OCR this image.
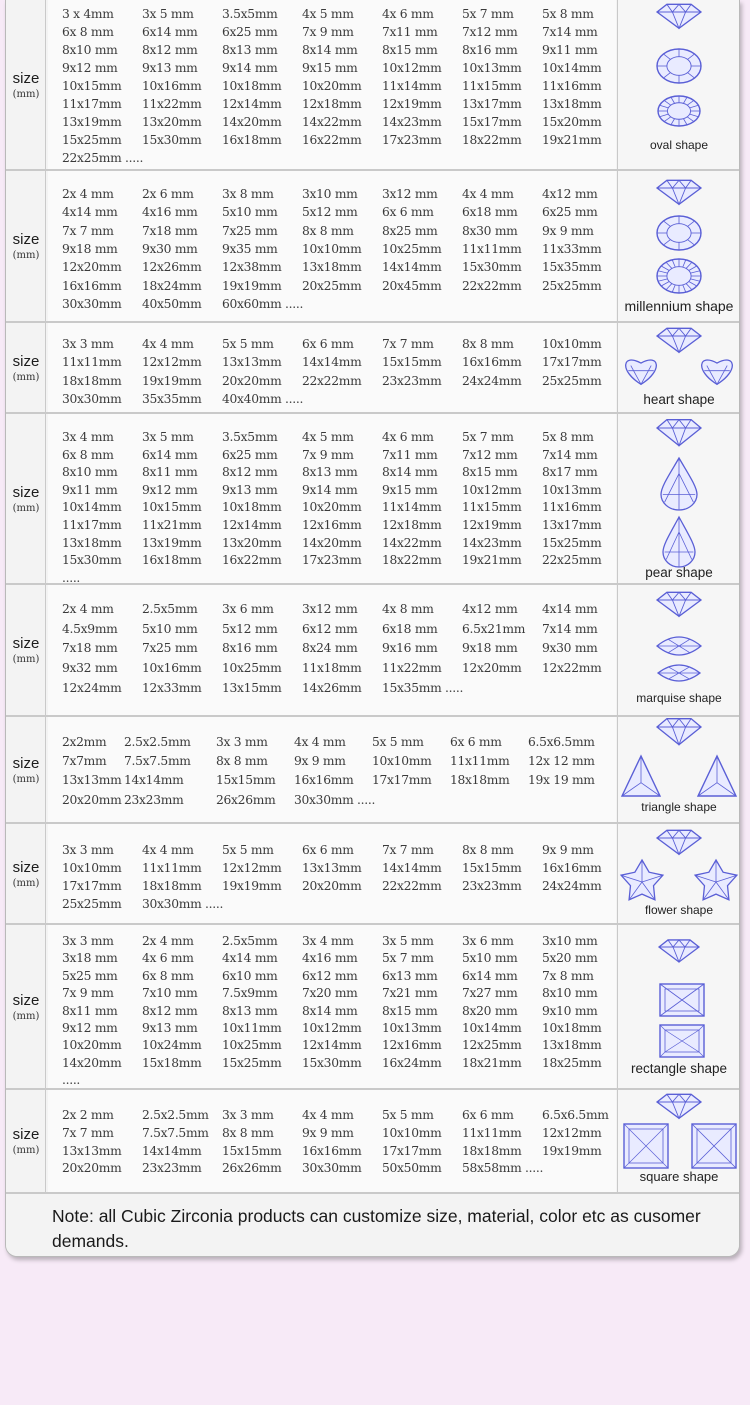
size
(mm)
3 x 4mm 3x 5 mm 3.5x5mm 4x 5 mm 4x 6 mm 5x 7 mm 5x 8 mm
6x 8 mm 6x14 mm 6x25 mm 7x 9 mm 7x11 mm 7x12 mm 7x14 mm
8x10 mm 8x12 mm 8x13 mm 8x14 mm 8x15 mm 8x16 mm 9x11 mm
9x12 mm 9x13 mm 9x14 mm 9x15 mm 10x12mm 10x13mm 10x14mm
10x15mm 10x16mm 10x18mm 10x20mm 11x14mm 11x15mm 11x16mm
11x17mm 11x22mm 12x14mm 12x18mm 12x19mm 13x17mm 13x18mm
13x19mm 13x20mm 14x20mm 14x22mm 14x23mm 15x17mm 15x20mm
15x25mm 15x30mm 16x18mm 16x22mm 17x23mm 18x22mm 19x21mm
22x25mm .....
oval shape
size
(mm)
2x 4 mm 2x 6 mm 3x 8 mm 3x10 mm 3x12 mm 4x 4 mm 4x12 mm
4x14 mm 4x16 mm 5x10 mm 5x12 mm 6x 6 mm 6x18 mm 6x25 mm
7x 7 mm 7x18 mm 7x25 mm 8x 8 mm 8x25 mm 8x30 mm 9x 9 mm
9x18 mm 9x30 mm 9x35 mm 10x10mm 10x25mm 11x11mm 11x33mm
12x20mm 12x26mm 12x38mm 13x18mm 14x14mm 15x30mm 15x35mm
16x16mm 18x24mm 19x19mm 20x25mm 20x45mm 22x22mm 25x25mm
30x30mm 40x50mm 60x60mm .....	millennium shape
size
(mm)
3x 3 mm 4x 4 mm 5x 5 mm 6x 6 mm 7x 7 mm 8x 8 mm 10x10mm
11x11mm 12x12mm 13x13mm 14x14mm 15x15mm 16x16mm 17x17mm
18x18mm 19x19mm 20x20mm 22x22mm 23x23mm 24x24mm 25x25mm
30x30mm 35x35mm 40x40mm .....	heart shape
size
(mm)
3x 4 mm 3x 5 mm 3.5x5mm 4x 5 mm 4x 6 mm 5x 7 mm 5x 8 mm
6x 8 mm 6x14 mm 6x25 mm 7x 9 mm 7x11 mm 7x12 mm 7x14 mm
8x10 mm 8x11 mm 8x12 mm 8x13 mm 8x14 mm 8x15 mm 8x17 mm
9x11 mm 9x12 mm 9x13 mm 9x14 mm 9x15 mm 10x12mm 10x13mm
10x14mm 10x15mm 10x18mm 10x20mm 11x14mm 11x15mm 11x16mm
11x17mm 11x21mm 12x14mm 12x16mm 12x18mm 12x19mm 13x17mm
13x18mm 13x19mm 13x20mm 14x20mm 14x22mm 14x23mm 15x25mm
15x30mm 16x18mm 16x22mm 17x23mm 18x22mm 19x21mm 22x25mm
.....	pear shape
size
(mm)
2x 4 mm 2.5x5mm 3x 6 mm 3x12 mm 4x 8 mm 4x12 mm 4x14 mm
4.5x9mm 5x10 mm 5x12 mm 6x12 mm 6x18 mm 6.5x21mm 7x14 mm
7x18 mm 7x25 mm 8x16 mm 8x24 mm 9x16 mm 9x18 mm 9x30 mm
9x32 mm 10x16mm 10x25mm 11x18mm 11x22mm 12x20mm 12x22mm
12x24mm 12x33mm 13x15mm 14x26mm 15x35mm .....
marquise shape
size
(mm)
2x2mm 2.5x2.5mm 3x 3 mm 4x 4 mm 5x 5 mm 6x 6 mm 6.5x6.5mm
7x7mm 7.5x7.5mm 8x 8 mm 9x 9 mm 10x10mm 11x11mm 12x 12 mm
13x13mm 14x14mm	15x15mm 16x16mm 17x17mm 18x18mm 19x 19 mm
20x20mm 23x23mm	26x26mm 30x30mm .....
triangle shape
size
(mm)
3x 3 mm 4x 4 mm 5x 5 mm 6x 6 mm 7x 7 mm 8x 8 mm 9x 9 mm
10x10mm 11x11mm 12x12mm 13x13mm 14x14mm 15x15mm 16x16mm
17x17mm 18x18mm 19x19mm 20x20mm 22x22mm 23x23mm 24x24mm
25x25mm 30x30mm .....	flower shape
size
(mm)
3x 3 mm 2x 4 mm 2.5x5mm 3x 4 mm 3x 5 mm 3x 6 mm 3x10 mm
3x18 mm 4x 6 mm 4x14 mm 4x16 mm 5x 7 mm 5x10 mm 5x20 mm
5x25 mm 6x 8 mm 6x10 mm 6x12 mm 6x13 mm 6x14 mm 7x 8 mm
7x 9 mm 7x10 mm 7.5x9mm 7x20 mm 7x21 mm 7x27 mm 8x10 mm
8x11 mm 8x12 mm 8x13 mm 8x14 mm 8x15 mm 8x20 mm 9x10 mm
9x12 mm 9x13 mm 10x11mm 10x12mm 10x13mm 10x14mm 10x18mm
10x20mm 10x24mm 10x25mm 12x14mm 12x16mm 12x25mm 13x18mm
14x20mm 15x18mm 15x25mm 15x30mm 16x24mm 18x21mm 18x25mm
.....
rectangle shape
size
(mm)
2x 2 mm 2.5x2.5mm 3x 3 mm 4x 4 mm 5x 5 mm 6x 6 mm 6.5x6.5mm
7x 7 mm 7.5x7.5mm 8x 8 mm 9x 9 mm 10x10mm 11x11mm 12x12mm
13x13mm 14x14mm 15x15mm 16x16mm 17x17mm 18x18mm 19x19mm
20x20mm 23x23mm 26x26mm 30x30mm 50x50mm 58x58mm .....
square shape

Note: all Cubic Zirconia products can customize size, material, color etc as cusomer demands.
